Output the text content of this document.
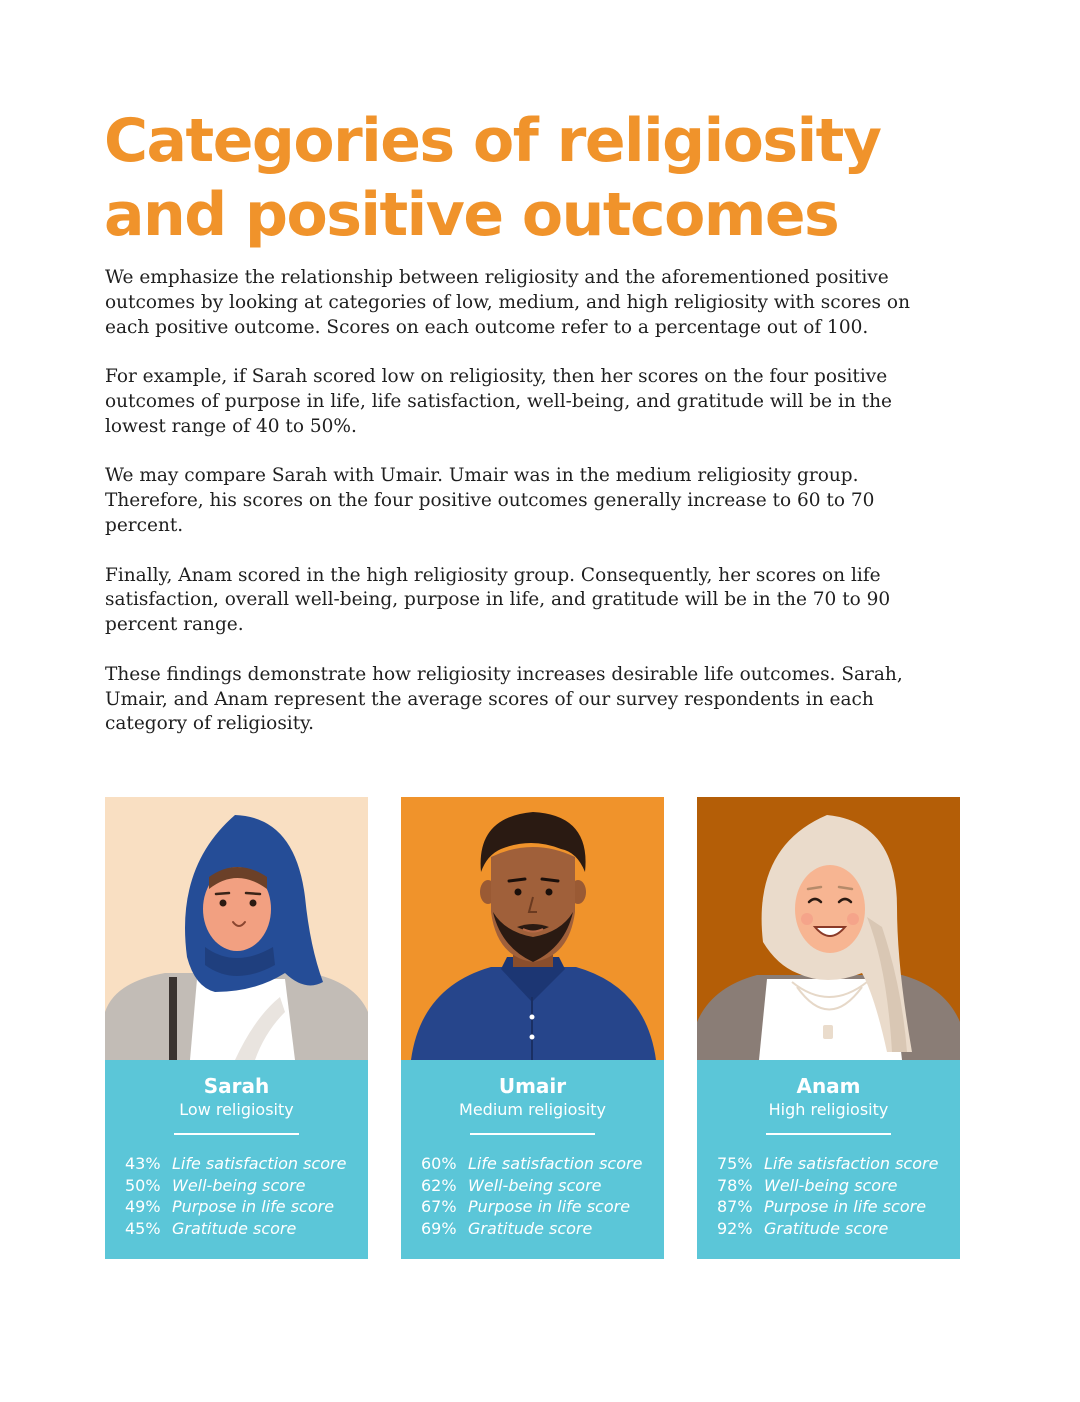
Categories of religiosity
and positive outcomes

We emphasize the relationship between religiosity and the aforementioned positive outcomes by looking at categories of low, medium, and high religiosity with scores on each positive outcome. Scores on each outcome refer to a percentage out of 100.

For example, if Sarah scored low on religiosity, then her scores on the four positive outcomes of purpose in life, life satisfaction, well-being, and gratitude will be in the lowest range of 40 to 50%.

We may compare Sarah with Umair. Umair was in the medium religiosity group. Therefore, his scores on the four positive outcomes generally increase to 60 to 70 percent.

Finally, Anam scored in the high religiosity group. Consequently, her scores on life satisfaction, overall well-being, purpose in life, and gratitude will be in the 70 to 90 percent range.

These findings demonstrate how religiosity increases desirable life outcomes. Sarah, Umair, and Anam represent the average scores of our survey respondents in each category of religiosity.

Sarah
Low religiosity
43% Life satisfaction score
50% Well-being score
49% Purpose in life score
45% Gratitude score
Umair
Medium religiosity
60% Life satisfaction score
62% Well-being score
67% Purpose in life score
69% Gratitude score
Anam
High religiosity
75% Life satisfaction score
78% Well-being score
87% Purpose in life score
92% Gratitude score
